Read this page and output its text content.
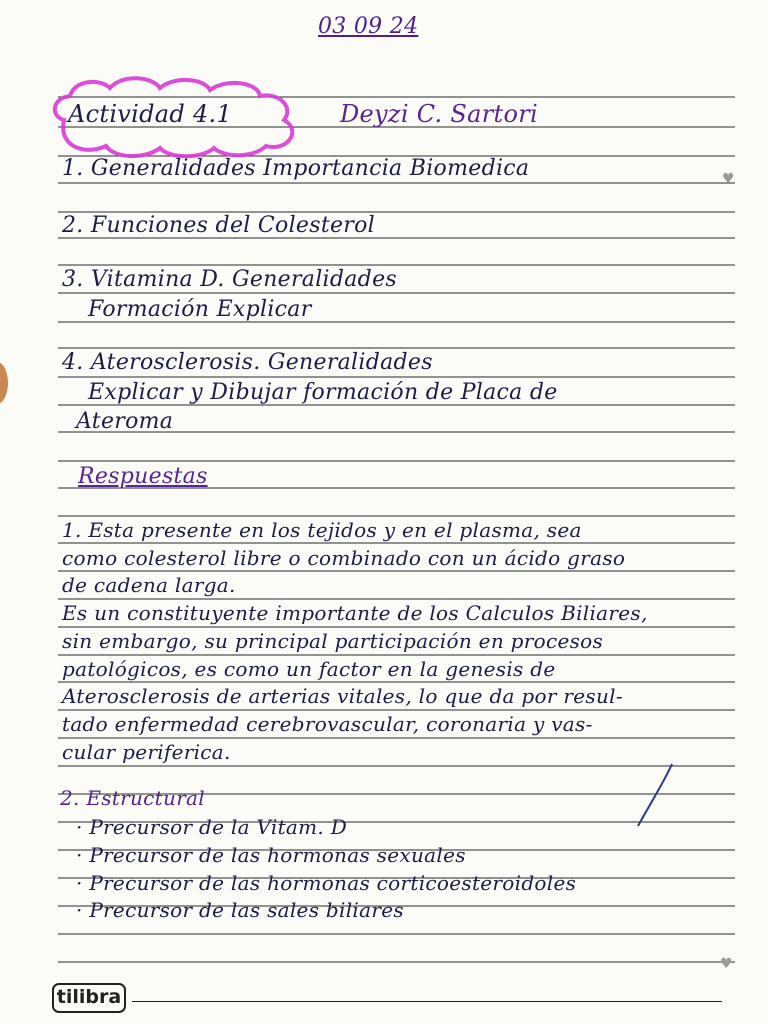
♥
♥
03 09 24
Actividad 4.1	Deyzi C. Sartori
1. Generalidades Importancia Biomedica
2. Funciones del Colesterol
3. Vitamina D. Generalidades
Formación Explicar
4. Aterosclerosis. Generalidades
Explicar y Dibujar formación de Placa de
Ateroma
Respuestas
1. Esta presente en los tejidos y en el plasma, sea
como colesterol libre o combinado con un ácido graso
de cadena larga.
Es un constituyente importante de los Calculos Biliares,
sin embargo, su principal participación en procesos
patológicos, es como un factor en la genesis de
Aterosclerosis de arterias vitales, lo que da por resul-
tado enfermedad cerebrovascular, coronaria y vas-
cular periferica.
2. Estructural
· Precursor de la Vitam. D
· Precursor de las hormonas sexuales
· Precursor de las hormonas corticoesteroidoles
· Precursor de las sales biliares
tilibra
